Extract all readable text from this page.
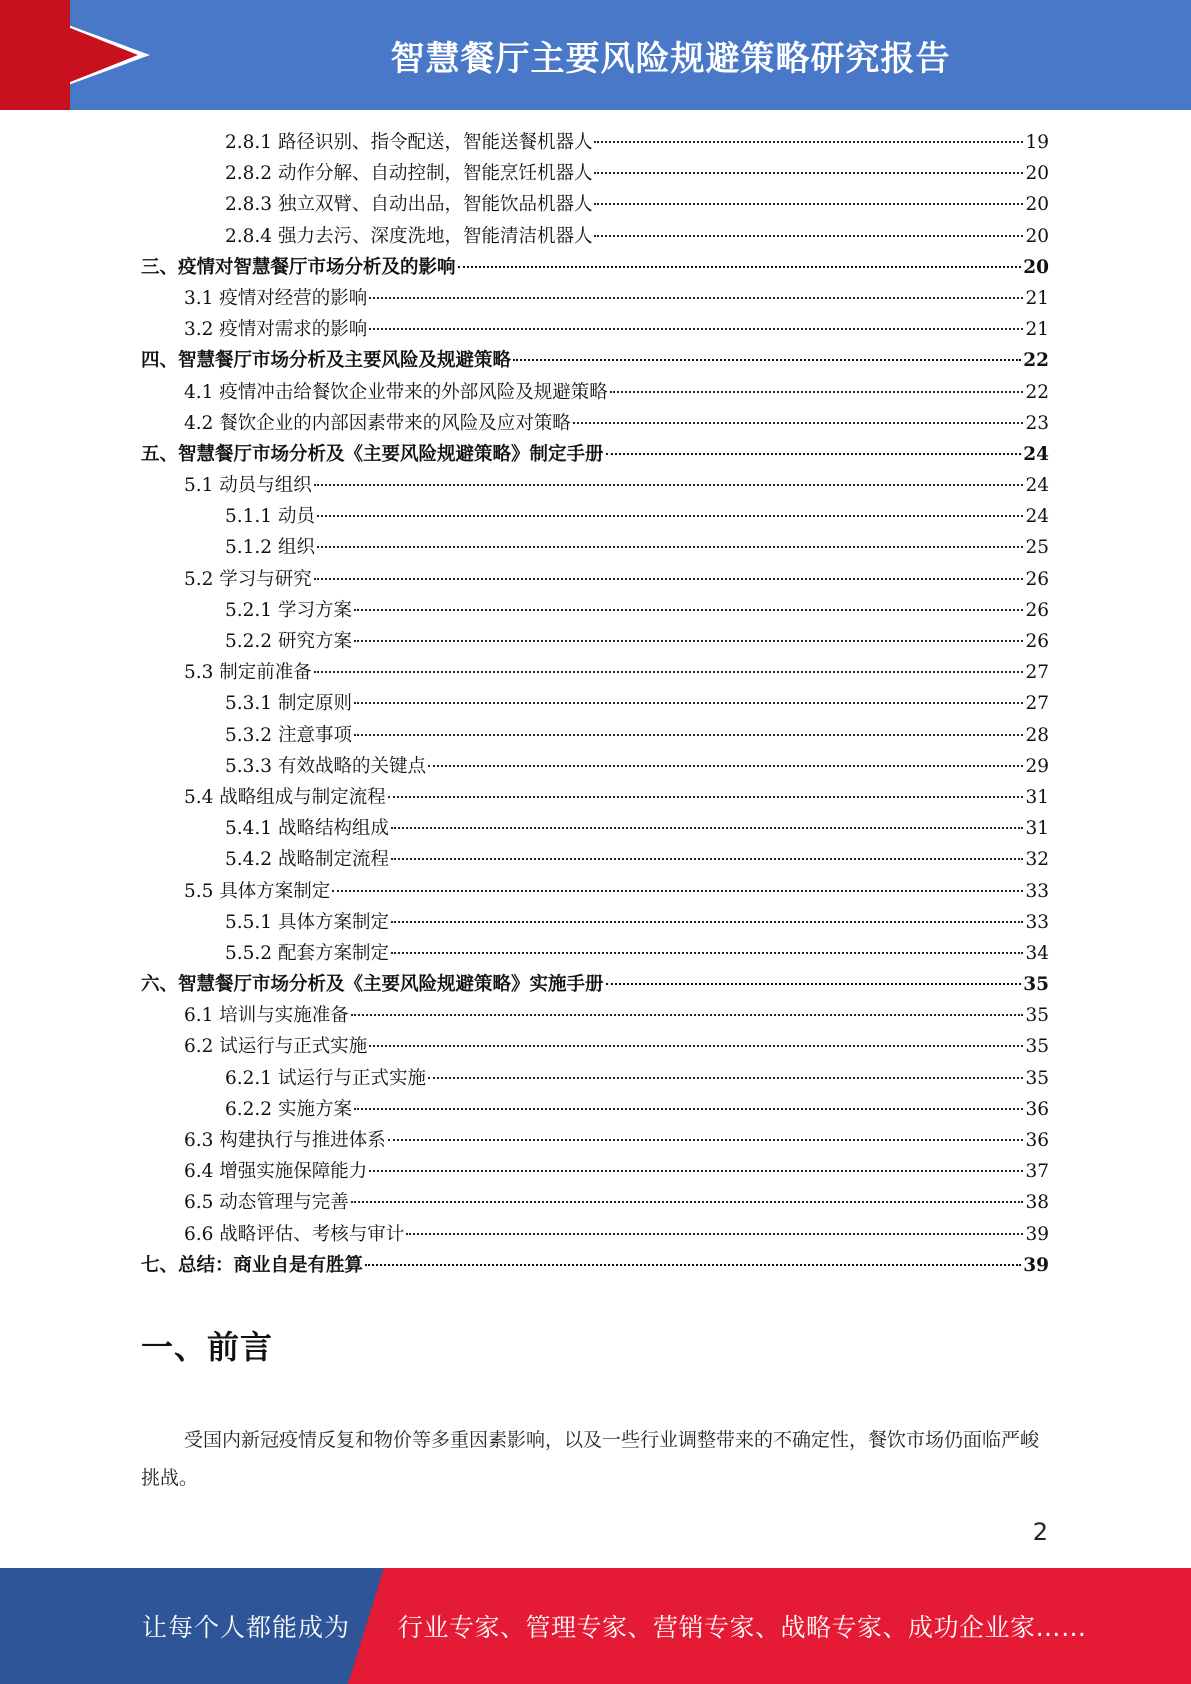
智慧餐厅主要风险规避策略研究报告
2.8.1 路径识别、指令配送，智能送餐机器人	19
2.8.2 动作分解、自动控制，智能烹饪机器人	20
2.8.3 独立双臂、自动出品，智能饮品机器人	20
2.8.4 强力去污、深度洗地，智能清洁机器人	20
三、疫情对智慧餐厅市场分析及的影响	20
3.1 疫情对经营的影响	21
3.2 疫情对需求的影响	21
四、智慧餐厅市场分析及主要风险及规避策略	22
4.1 疫情冲击给餐饮企业带来的外部风险及规避策略	22
4.2 餐饮企业的内部因素带来的风险及应对策略	23
五、智慧餐厅市场分析及《主要风险规避策略》制定手册	24
5.1 动员与组织	24
5.1.1 动员	24
5.1.2 组织	25
5.2 学习与研究	26
5.2.1 学习方案	26
5.2.2 研究方案	26
5.3 制定前准备	27
5.3.1 制定原则	27
5.3.2 注意事项	28
5.3.3 有效战略的关键点	29
5.4 战略组成与制定流程	31
5.4.1 战略结构组成	31
5.4.2 战略制定流程	32
5.5 具体方案制定	33
5.5.1 具体方案制定	33
5.5.2 配套方案制定	34
六、智慧餐厅市场分析及《主要风险规避策略》实施手册	35
6.1 培训与实施准备	35
6.2 试运行与正式实施	35
6.2.1 试运行与正式实施	35
6.2.2 实施方案	36
6.3 构建执行与推进体系	36
6.4 增强实施保障能力	37
6.5 动态管理与完善	38
6.6 战略评估、考核与审计	39
七、总结：商业自是有胜算	39
一、前言
受国内新冠疫情反复和物价等多重因素影响，以及一些行业调整带来的不确定性，餐饮市场仍面临严峻挑战。
2
让每个人都能成为 行业专家、管理专家、营销专家、战略专家、成功企业家……
